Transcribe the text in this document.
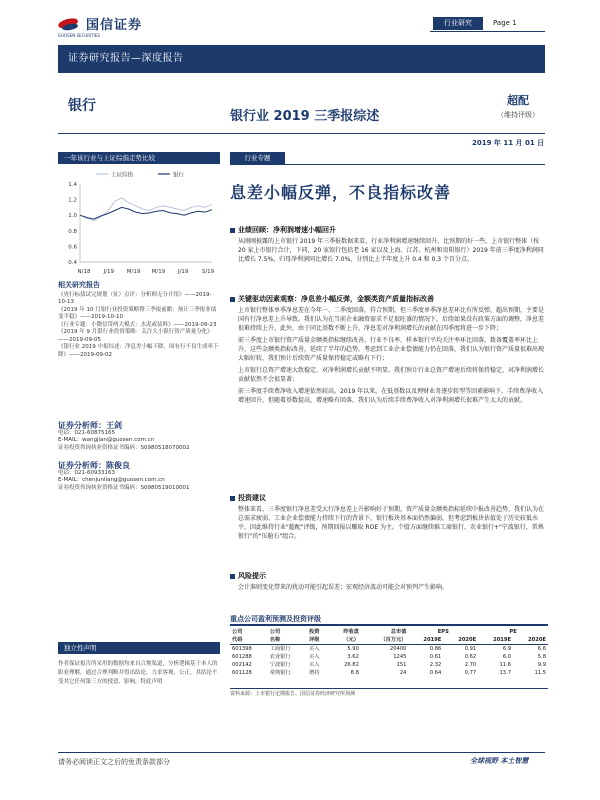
国信证券
GUOSEN SECURITIES
行业研究	Page 1
证券研究报告—深度报告
银行
银行业 2019 三季报综述
超配
（维持评级）
2019 年 11 月 01 日
一年该行业与上证综指走势比较
上证综指	银行
1.4
1.2
1.0
0.8
0.6
0.4
N/18 J/19 M/19 M/19 J/19 S/19
相关研究报告
《央行标债试完规划（征）点评：分析师无分开纽》——2019-10-13
《2019 年 10 月银行业投资策略暨三季报前瞻：预计三季报业绩变平稳》——2019-10-10
《行业专题：小微信贷两大模式：水泥或装料》——2019-09-23
《2019 年 9 月银行业投资策略：关注大小银行资产质量分化》——2019-09-05
《银行业 2019 中报综述：净息差小幅下降、国有行不良生成率下降》——2019-09-02
证券分析师：王剑
电话：021-60875165
E-MAIL：wangjian@guosen.com.cn
证券投资咨询执业资格证书编码：S0980518070002
证券分析师：陈俊良
电话：021-60933163
E-MAIL：chenjunliang@guosen.com.cn
证券投资咨询执业资格证书编码：S0980519010001
独立性声明
作者保证报告所采用的数据均来自合规渠道，分析逻辑基于本人的职业理解，通过合理判断并得出结论，力求客观、公正，其结论不受其它任何第三方的授意、影响，特此声明
行业专题
息差小幅反弹，不良指标改善
业绩回顾：净利润增速小幅回升
从刚刚披露的上市银行 2019 年三季报数据来看，行业净利润增速继续回升，比预期的好一些。上市银行整体（按 20 家上市银行合计，下同，20 家银行包括老 16 家以及上海、江苏、杭州和贵阳银行）2019 年前三季度净利润同比增长 7.5%，归母净利润同比增长 7.0%，分别比上半年度上升 0.4 和 0.3 个百分点。
关键驱动因素观察：净息差小幅反弹，金额类资产质量指标改善
上市银行整体单季净息差在今年一、二季度回落，符合预期，但三季度单季净息差环比有所反弹，超出预期，主要是国有行净息差上升导致。我们认为在当前企业融资需求不足很旺盛的情况下，后续如果没有政策方面的调整，净息差很难持续上升，此外，由于同比基数不断上升，净息差对净利润增长的贡献在四季度将进一步下降；
前三季度上市银行资产质量金额类指标继续改善。行业不良率、样本银行平均关注率环比回落，拨备覆盖率环比上升，这些金额类指标改善，延续了半年的趋势，考虑到工业企业偿债能力仍在回落，我们认为银行资产质量很难出现大幅好转，我们预计后续资产质量保持稳定或略有下行；
上市银行总资产增速大致稳定，对净利润增长贡献不明显。我们预计行业总资产增速后续将保持稳定，对净利润增长贡献依然不会很显著；
前三季度手续费净收入增速依然较高。2019 年以来，在低基数以及理财业务逐步转型等因素影响下，手续费净收入增速回升，但随着基数提高，增速略有回落，我们认为后续手续费净收入对净利润增长很难产生太大的贡献。
投资建议
整体来看，三季度银行净息差受大行净息差上升影响好于预期，资产质量金额类指标延续中报改善趋势，我们认为在总需求疲弱、工业企业偿债能力持续下行的背景下，银行板块基本面仍然偏弱，但考虑到板块估值处于历史较低水平，因此维持行业"超配"评级，预期回报以赚取 ROE 为主。个股方面继续推工商银行、农业银行+"宁波银行、常熟银行"的"压舱石"组合。
风险提示
会计准则变化带来的扰动可能引起误差；宏观经济波动可能会对预判产生影响。
重点公司盈利预测及投资评级
公司	公司	投资	昨收盘	总市值	EPS		PE	
代码	名称	评级	（元）	（百万元）	2019E	2020E	2019E	2020E
601398	工商银行	买入	5.90	20400	0.86	0.91	6.9	6.6
601288	农业银行	买入	3.62	1245	0.61	0.62	6.0	5.8
002142	宁波银行	买入	26.82	151	2.32	2.70	11.6	9.9
601128	常熟银行	增持	8.8	24	0.64	0.77	13.7	11.5
资料来源：上市银行定期报告、国信证券经济研究所预测
请务必阅读正文之后的免责条款部分	全球视野 本土智慧
